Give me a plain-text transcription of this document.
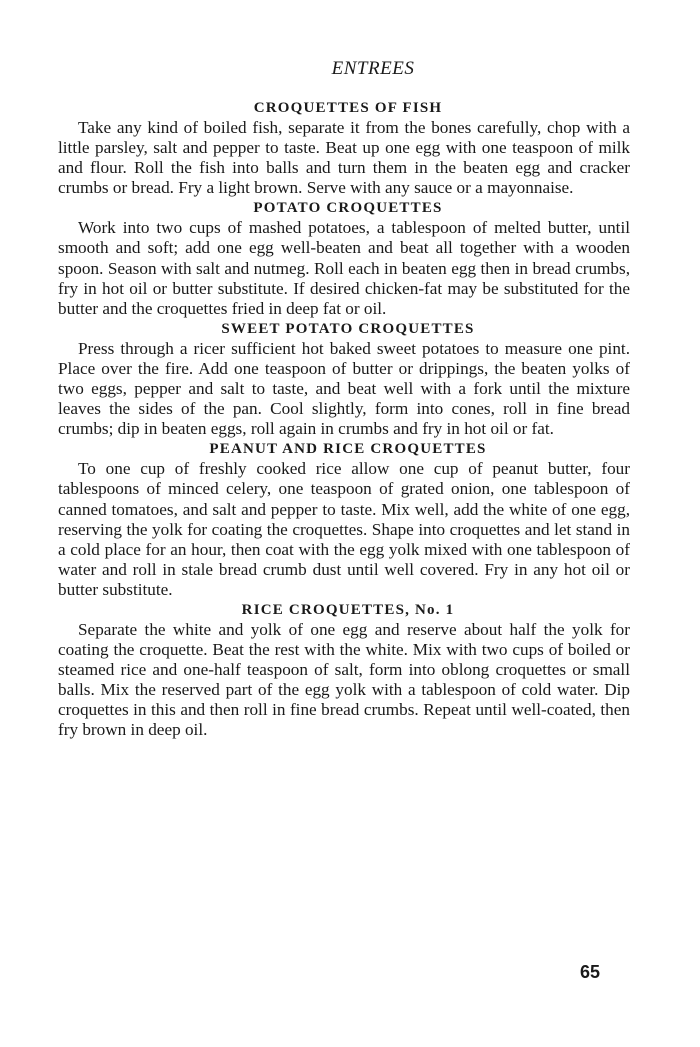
ENTREES
CROQUETTES OF FISH

Take any kind of boiled fish, separate it from the bones carefully, chop with a little parsley, salt and pepper to taste. Beat up one egg with one teaspoon of milk and flour. Roll the fish into balls and turn them in the beaten egg and cracker crumbs or bread. Fry a light brown. Serve with any sauce or a mayonnaise.

POTATO CROQUETTES

Work into two cups of mashed potatoes, a tablespoon of melted butter, until smooth and soft; add one egg well-beaten and beat all together with a wooden spoon. Season with salt and nutmeg. Roll each in beaten egg then in bread crumbs, fry in hot oil or butter substitute. If desired chicken-fat may be substituted for the butter and the croquettes fried in deep fat or oil.

SWEET POTATO CROQUETTES

Press through a ricer sufficient hot baked sweet potatoes to measure one pint. Place over the fire. Add one teaspoon of butter or drippings, the beaten yolks of two eggs, pepper and salt to taste, and beat well with a fork until the mixture leaves the sides of the pan. Cool slightly, form into cones, roll in fine bread crumbs; dip in beaten eggs, roll again in crumbs and fry in hot oil or fat.

PEANUT AND RICE CROQUETTES

To one cup of freshly cooked rice allow one cup of peanut butter, four tablespoons of minced celery, one teaspoon of grated onion, one tablespoon of canned tomatoes, and salt and pepper to taste. Mix well, add the white of one egg, reserving the yolk for coating the croquettes. Shape into croquettes and let stand in a cold place for an hour, then coat with the egg yolk mixed with one tablespoon of water and roll in stale bread crumb dust until well covered. Fry in any hot oil or butter substitute.

RICE CROQUETTES, No. 1

Separate the white and yolk of one egg and reserve about half the yolk for coating the croquette. Beat the rest with the white. Mix with two cups of boiled or steamed rice and one-half teaspoon of salt, form into oblong croquettes or small balls. Mix the reserved part of the egg yolk with a tablespoon of cold water. Dip croquettes in this and then roll in fine bread crumbs. Repeat until well-coated, then fry brown in deep oil.

65
